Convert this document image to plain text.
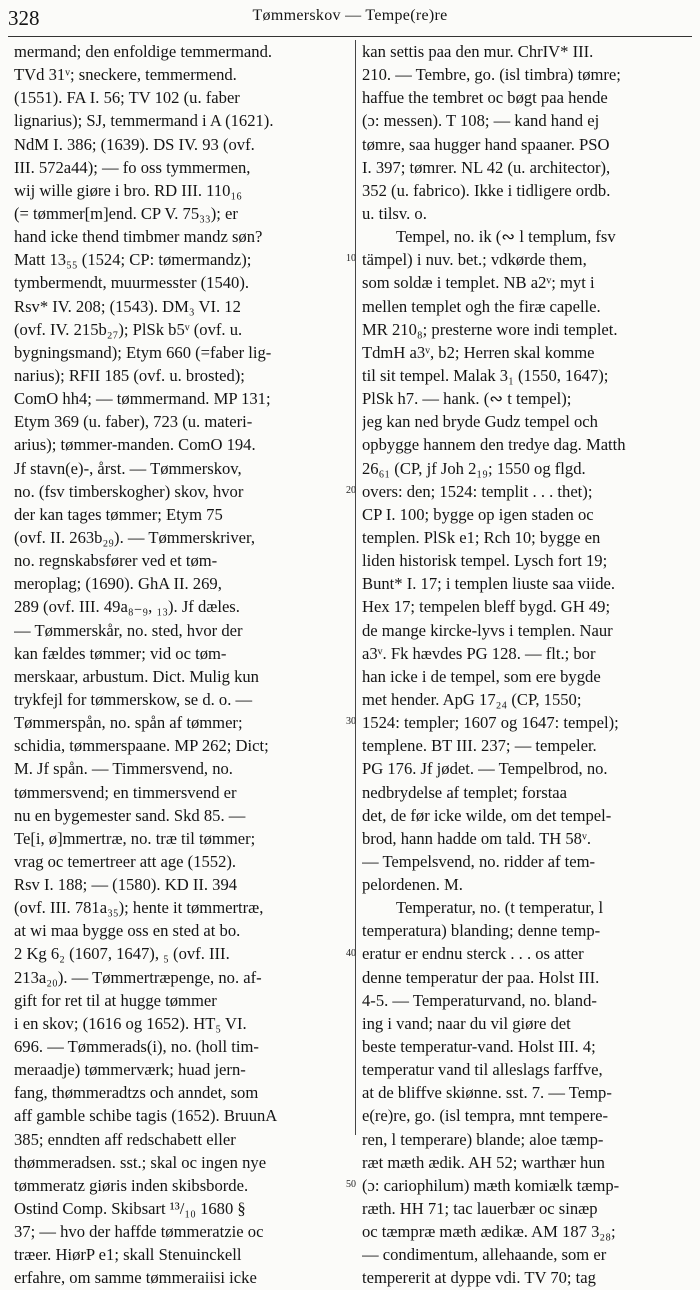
328	Tømmerskov — Tempe(re)re
mermand; den enfoldige temmermand.
TVd 31ᵛ; sneckere, temmermend.
(1551). FA I. 56; TV 102 (u. faber
lignarius); SJ, temmermand i A (1621).
NdM I. 386; (1639). DS IV. 93 (ovf.
III. 572a44); — fo oss tymmermen,
wij wille giøre i bro. RD III. 110₁₆
(= tømmer[m]end. CP V. 75₃₃); er
hand icke thend timbmer mandz søn?
Matt 13₅₅ (1524; CP: tømermandz);
tymbermendt, muurmesster (1540).
Rsv* IV. 208; (1543). DM₃ VI. 12
(ovf. IV. 215b₂₇); PlSk b5ᵛ (ovf. u.
bygningsmand); Etym 660 (=faber lig-
narius); RFII 185 (ovf. u. brosted);
ComO hh4; — tømmermand. MP 131;
Etym 369 (u. faber), 723 (u. materi-
arius); tømmer-manden. ComO 194.
Jf stavn(e)-, årst. — Tømmerskov,
no. (fsv timberskogher) skov, hvor
der kan tages tømmer; Etym 75
(ovf. II. 263b₂₉). — Tømmerskriver,
no. regnskabsfører ved et tøm-
meroplag; (1690). GhA II. 269,
289 (ovf. III. 49a₈₋₉, ₁₃). Jf dæles.
— Tømmerskår, no. sted, hvor der
kan fældes tømmer; vid oc tøm-
merskaar, arbustum. Dict. Mulig kun
trykfejl for tømmerskow, se d. o. —
Tømmerspån, no. spån af tømmer;
schidia, tømmerspaane. MP 262; Dict;
M. Jf spån. — Timmersvend, no.
tømmersvend; en timmersvend er
nu en bygemester sand. Skd 85. —
Te[i, ø]mmertræ, no. træ til tømmer;
vrag oc temertreer att age (1552).
Rsv I. 188; — (1580). KD II. 394
(ovf. III. 781a₃₅); hente it tømmertræ,
at wi maa bygge oss en sted at bo.
2 Kg 6₂ (1607, 1647), ₅ (ovf. III.
213a₂₀). — Tømmertræpenge, no. af-
gift for ret til at hugge tømmer
i en skov; (1616 og 1652). HT₅ VI.
696. — Tømmerads(i), no. (holl tim-
meraadje) tømmerværk; huad jern-
fang, thømmeradtzs och anndet, som
aff gamble schibe tagis (1652). BruunA
385; enndten aff redschabett eller
thømmeradsen. sst.; skal oc ingen nye
tømmeratz giøris inden skibsborde.
Ostind Comp. Skibsart ¹³/₁₀ 1680 §
37; — hvo der haffde tømmeratzie oc
træer. HiørP e1; skall Stenuinckell
erfahre, om samme tømmeraiisi icke
kan settis paa den mur. ChrIV* III.
210. — Tembre, go. (isl timbra) tømre;
haffue the tembret oc bøgt paa hende
(ɔ: messen). T 108; — kand hand ej
tømre, saa hugger hand spaaner. PSO
I. 397; tømrer. NL 42 (u. architector),
352 (u. fabrico). Ikke i tidligere ordb.
u. tilsv. o.
Tempel, no. ik (∾ l templum, fsv
tämpel) i nuv. bet.; vdkørde them,
som soldæ i templet. NB a2ᵛ; myt i
mellen templet ogh the firæ capelle.
MR 210₈; presterne wore indi templet.
TdmH a3ᵛ, b2; Herren skal komme
til sit tempel. Malak 3₁ (1550, 1647);
PlSk h7. — hank. (∾ t tempel);
jeg kan ned bryde Gudz tempel och
opbygge hannem den tredye dag. Matth
26₆₁ (CP, jf Joh 2₁₉; 1550 og flgd.
overs: den; 1524: templit . . . thet);
CP I. 100; bygge op igen staden oc
templen. PlSk e1; Rch 10; bygge en
liden historisk tempel. Lysch fort 19;
Bunt* I. 17; i templen liuste saa viide.
Hex 17; tempelen bleff bygd. GH 49;
de mange kircke-lyvs i templen. Naur
a3ᵛ. Fk hævdes PG 128. — flt.; bor
han icke i de tempel, som ere bygde
met hender. ApG 17₂₄ (CP, 1550;
1524: templer; 1607 og 1647: tempel);
templene. BT III. 237; — tempeler.
PG 176. Jf jødet. — Tempelbrod, no.
nedbrydelse af templet; forstaa
det, de før icke wilde, om det tempel-
brod, hann hadde om tald. TH 58ᵛ.
— Tempelsvend, no. ridder af tem-
pelordenen. M.
Temperatur, no. (t temperatur, l
temperatura) blanding; denne temp-
eratur er endnu sterck . . . os atter
denne temperatur der paa. Holst III.
4-5. — Temperaturvand, no. bland-
ing i vand; naar du vil giøre det
beste temperatur-vand. Holst III. 4;
temperatur vand til alleslags farffve,
at de bliffve skiønne. sst. 7. — Temp-
e(re)re, go. (isl tempra, mnt tempere-
ren, l temperare) blande; aloe tæmp-
ræt mæth ædik. AH 52; warthær hun
(ɔ: cariophilum) mæth komiælk tæmp-
ræth. HH 71; tac lauerbær oc sinæp
oc tæmpræ mæth ædikæ. AM 187 3₂₈;
— condimentum, allehaande, som er
tempererit at dyppe vdi. TV 70; tag
10
20
30
40
50
